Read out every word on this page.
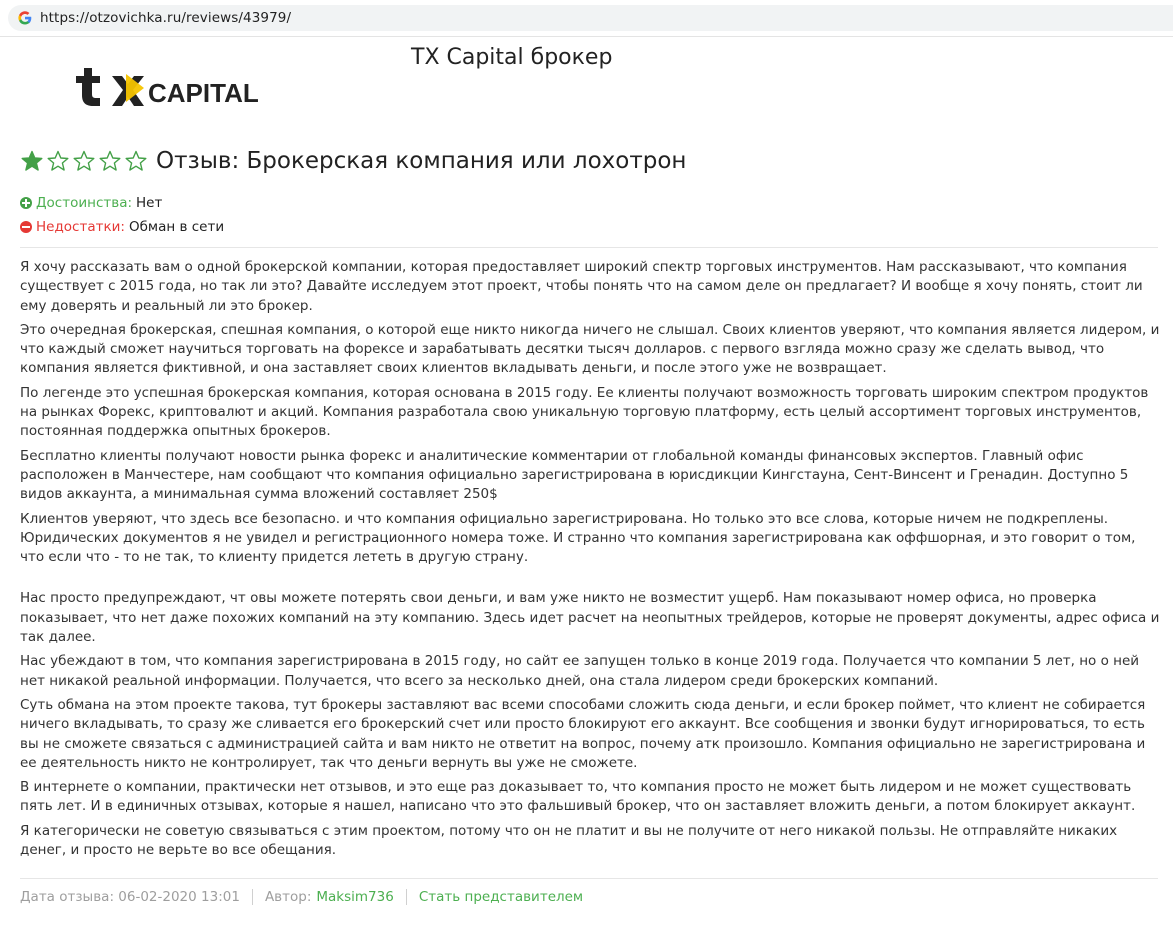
https://otzovichka.ru/reviews/43979/
CAPITAL
TX Capital брокер
Отзыв: Брокерская компания или лохотрон
Достоинства: Нет
Недостатки: Обман в сети

Я хочу рассказать вам о одной брокерской компании, которая предоставляет широкий спектр торговых инструментов. Нам рассказывают, что компания существует с 2015 года, но так ли это? Давайте исследуем этот проект, чтобы понять что на самом деле он предлагает? И вообще я хочу понять, стоит ли ему доверять и реальный ли это брокер.

Это очередная брокерская, спешная компания, о которой еще никто никогда ничего не слышал. Своих клиентов уверяют, что компания является лидером, и что каждый сможет научиться торговать на форексе и зарабатывать десятки тысяч долларов. с первого взгляда можно сразу же сделать вывод, что компания является фиктивной, и она заставляет своих клиентов вкладывать деньги, и после этого уже не возвращает.

По легенде это успешная брокерская компания, которая основана в 2015 году. Ее клиенты получают возможность торговать широким спектром продуктов на рынках Форекс, криптовалют и акций. Компания разработала свою уникальную торговую платформу, есть целый ассортимент торговых инструментов, постоянная поддержка опытных брокеров.

Бесплатно клиенты получают новости рынка форекс и аналитические комментарии от глобальной команды финансовых экспертов. Главный офис расположен в Манчестере, нам сообщают что компания официально зарегистрирована в юрисдикции Кингстауна, Сент-Винсент и Гренадин. Доступно 5 видов аккаунта, а минимальная сумма вложений составляет 250$

Клиентов уверяют, что здесь все безопасно. и что компания официально зарегистрирована. Но только это все слова, которые ничем не подкреплены. Юридических документов я не увидел и регистрационного номера тоже. И странно что компания зарегистрирована как оффшорная, и это говорит о том, что если что - то не так, то клиенту придется лететь в другую страну.

Нас просто предупреждают, чт овы можете потерять свои деньги, и вам уже никто не возместит ущерб. Нам показывают номер офиса, но проверка показывает, что нет даже похожих компаний на эту компанию. Здесь идет расчет на неопытных трейдеров, которые не проверят документы, адрес офиса и так далее.

Нас убеждают в том, что компания зарегистрирована в 2015 году, но сайт ее запущен только в конце 2019 года. Получается что компании 5 лет, но о ней нет никакой реальной информации. Получается, что всего за несколько дней, она стала лидером среди брокерских компаний.

Суть обмана на этом проекте такова, тут брокеры заставляют вас всеми способами сложить сюда деньги, и если брокер поймет, что клиент не собирается ничего вкладывать, то сразу же сливается его брокерский счет или просто блокируют его аккаунт. Все сообщения и звонки будут игнорироваться, то есть вы не сможете связаться с администрацией сайта и вам никто не ответит на вопрос, почему атк произошло. Компания официально не зарегистрирована и ее деятельность никто не контролирует, так что деньги вернуть вы уже не сможете.

В интернете о компании, практически нет отзывов, и это еще раз доказывает то, что компания просто не может быть лидером и не может существовать пять лет. И в единичных отзывах, которые я нашел, написано что это фальшивый брокер, что он заставляет вложить деньги, а потом блокирует аккаунт.

Я категорически не советую связываться с этим проектом, потому что он не платит и вы не получите от него никакой пользы. Не отправляйте никаких денег, и просто не верьте во все обещания.

Дата отзыва: 06-02-2020 13:01 Автор: Maksim736 Стать представителем
